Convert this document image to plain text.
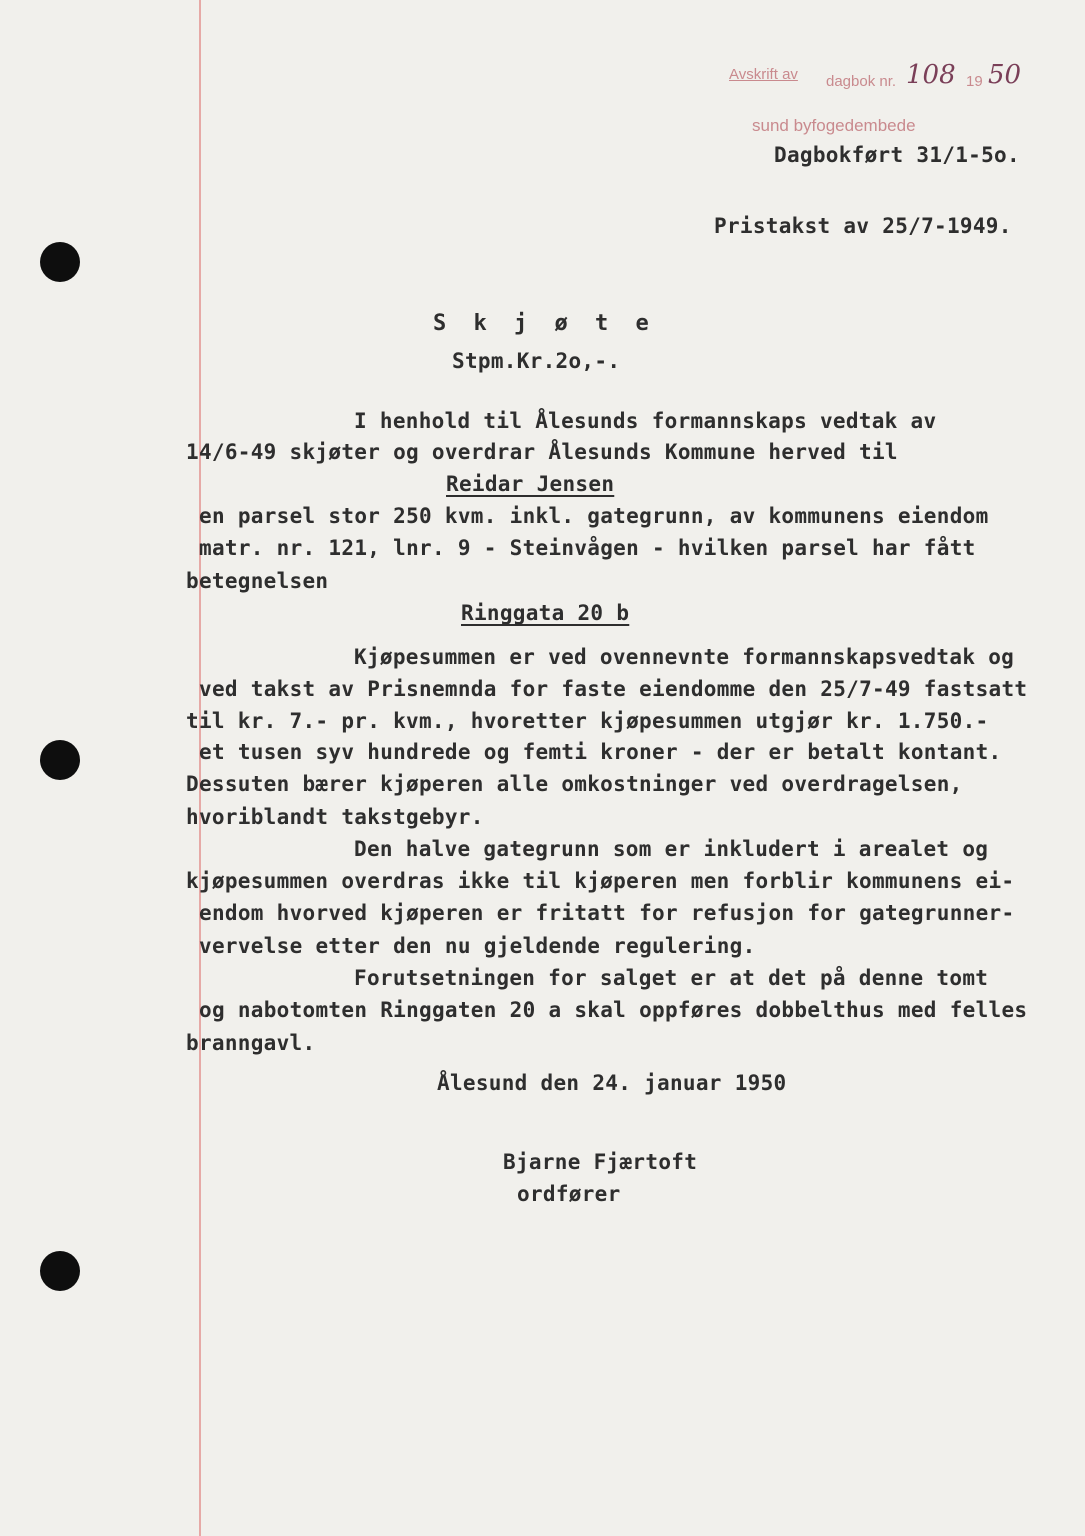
Avskrift av dagbok nr. 108 19 50
sund byfogedembede
Dagbokført 31/1-5o.
Pristakst av 25/7-1949.
S k j ø t e
Stpm.Kr.2o,-.
I henhold til Ålesunds formannskaps vedtak av
14/6-49 skjøter og overdrar Ålesunds Kommune herved til
Reidar Jensen
en parsel stor 250 kvm. inkl. gategrunn, av kommunens eiendom
matr. nr. 121, lnr. 9 - Steinvågen - hvilken parsel har fått
betegnelsen
Ringgata 20 b
Kjøpesummen er ved ovennevnte formannskapsvedtak og
ved takst av Prisnemnda for faste eiendomme den 25/7-49 fastsatt
til kr. 7.- pr. kvm., hvoretter kjøpesummen utgjør kr. 1.750.-
et tusen syv hundrede og femti kroner - der er betalt kontant.
Dessuten bærer kjøperen alle omkostninger ved overdragelsen,
hvoriblandt takstgebyr.
Den halve gategrunn som er inkludert i arealet og
kjøpesummen overdras ikke til kjøperen men forblir kommunens ei-
endom hvorved kjøperen er fritatt for refusjon for gategrunner-
vervelse etter den nu gjeldende regulering.
Forutsetningen for salget er at det på denne tomt
og nabotomten Ringgaten 20 a skal oppføres dobbelthus med felles
branngavl.
Ålesund den 24. januar 1950
Bjarne Fjærtoft
ordfører
